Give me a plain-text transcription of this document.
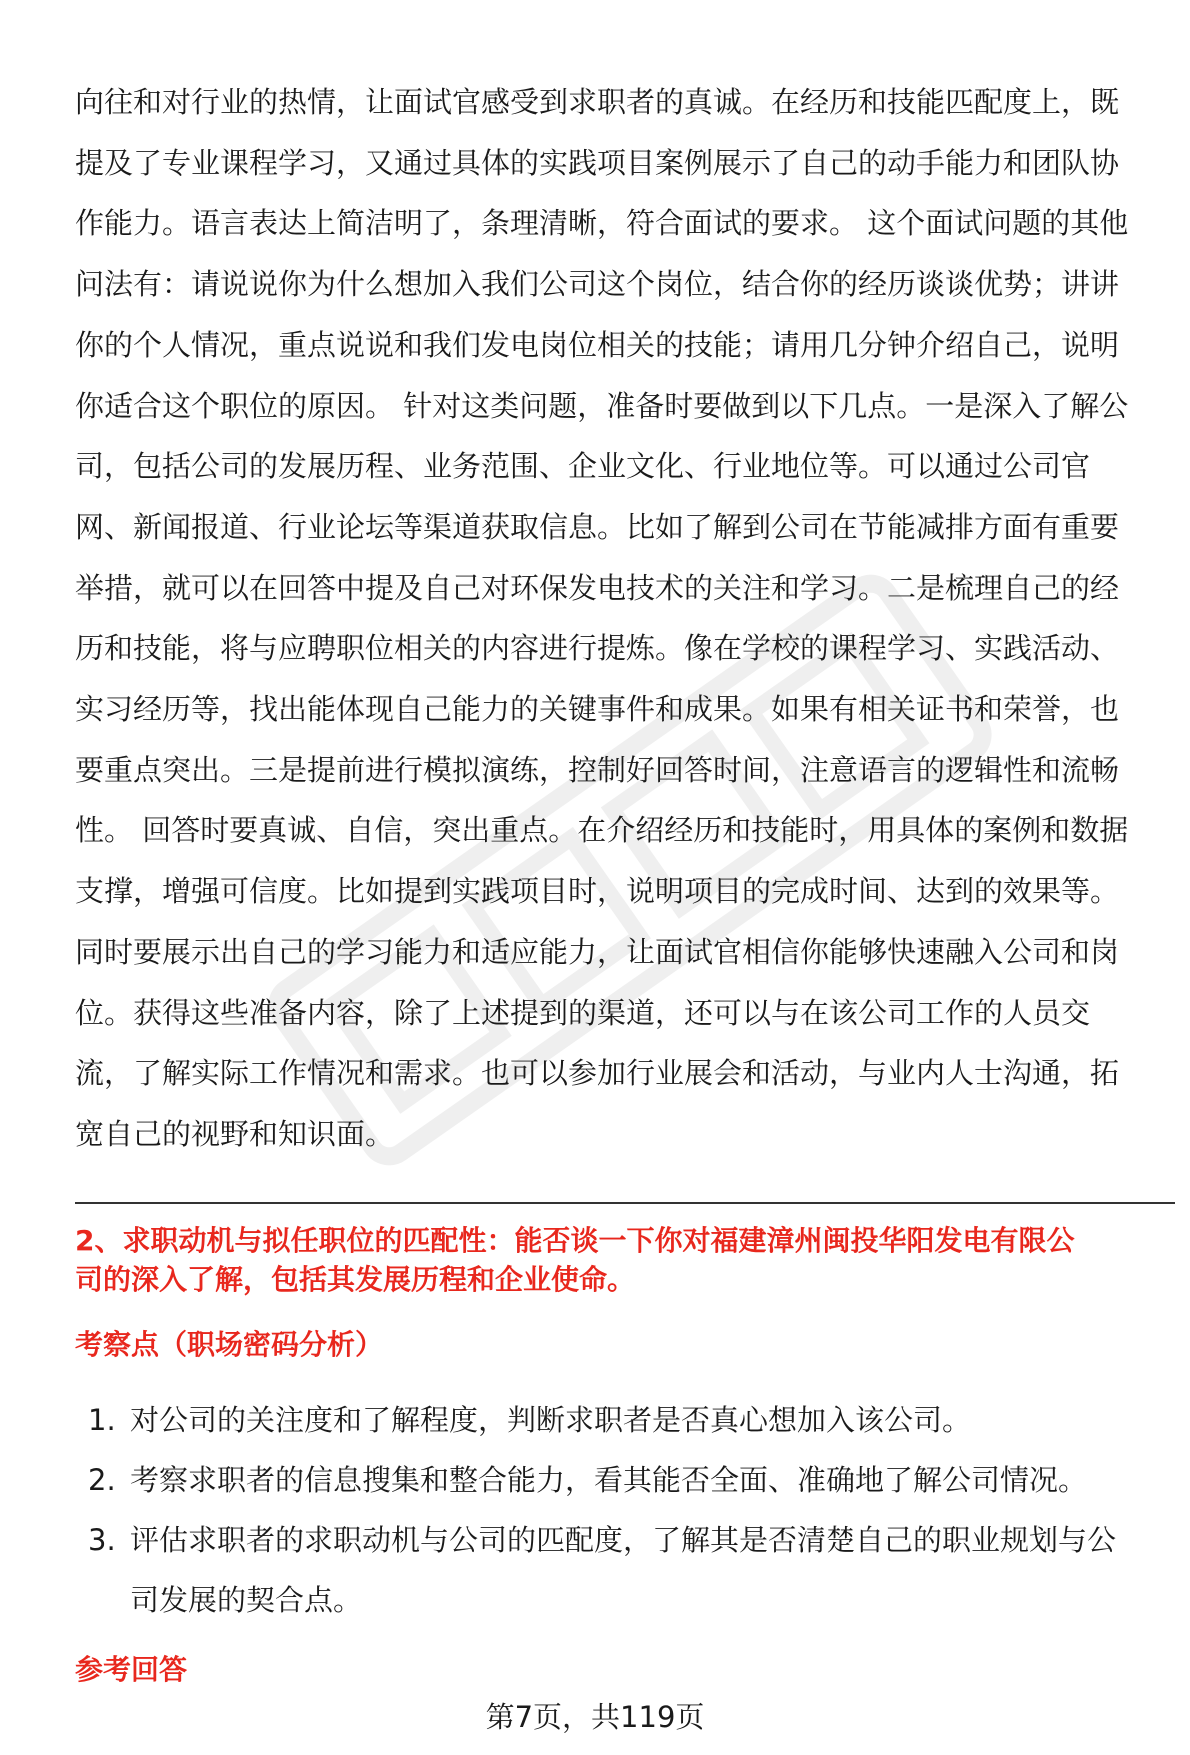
向往和对行业的热情，让面试官感受到求职者的真诚。在经历和技能匹配度上，既
提及了专业课程学习，又通过具体的实践项目案例展示了自己的动手能力和团队协
作能力。语言表达上简洁明了，条理清晰，符合面试的要求。 这个面试问题的其他
问法有：请说说你为什么想加入我们公司这个岗位，结合你的经历谈谈优势；讲讲
你的个人情况，重点说说和我们发电岗位相关的技能；请用几分钟介绍自己，说明
你适合这个职位的原因。 针对这类问题，准备时要做到以下几点。一是深入了解公
司，包括公司的发展历程、业务范围、企业文化、行业地位等。可以通过公司官
网、新闻报道、行业论坛等渠道获取信息。比如了解到公司在节能减排方面有重要
举措，就可以在回答中提及自己对环保发电技术的关注和学习。二是梳理自己的经
历和技能，将与应聘职位相关的内容进行提炼。像在学校的课程学习、实践活动、
实习经历等，找出能体现自己能力的关键事件和成果。如果有相关证书和荣誉，也
要重点突出。三是提前进行模拟演练，控制好回答时间，注意语言的逻辑性和流畅
性。 回答时要真诚、自信，突出重点。在介绍经历和技能时，用具体的案例和数据
支撑，增强可信度。比如提到实践项目时，说明项目的完成时间、达到的效果等。
同时要展示出自己的学习能力和适应能力，让面试官相信你能够快速融入公司和岗
位。获得这些准备内容，除了上述提到的渠道，还可以与在该公司工作的人员交
流，了解实际工作情况和需求。也可以参加行业展会和活动，与业内人士沟通，拓
宽自己的视野和知识面。

2、求职动机与拟任职位的匹配性：能否谈一下你对福建漳州闽投华阳发电有限公
司的深入了解，包括其发展历程和企业使命。

考察点（职场密码分析）

1. 对公司的关注度和了解程度，判断求职者是否真心想加入该公司。
2. 考察求职者的信息搜集和整合能力，看其能否全面、准确地了解公司情况。
3. 评估求职者的求职动机与公司的匹配度，了解其是否清楚自己的职业规划与公
司发展的契合点。

参考回答

第7页，共119页
